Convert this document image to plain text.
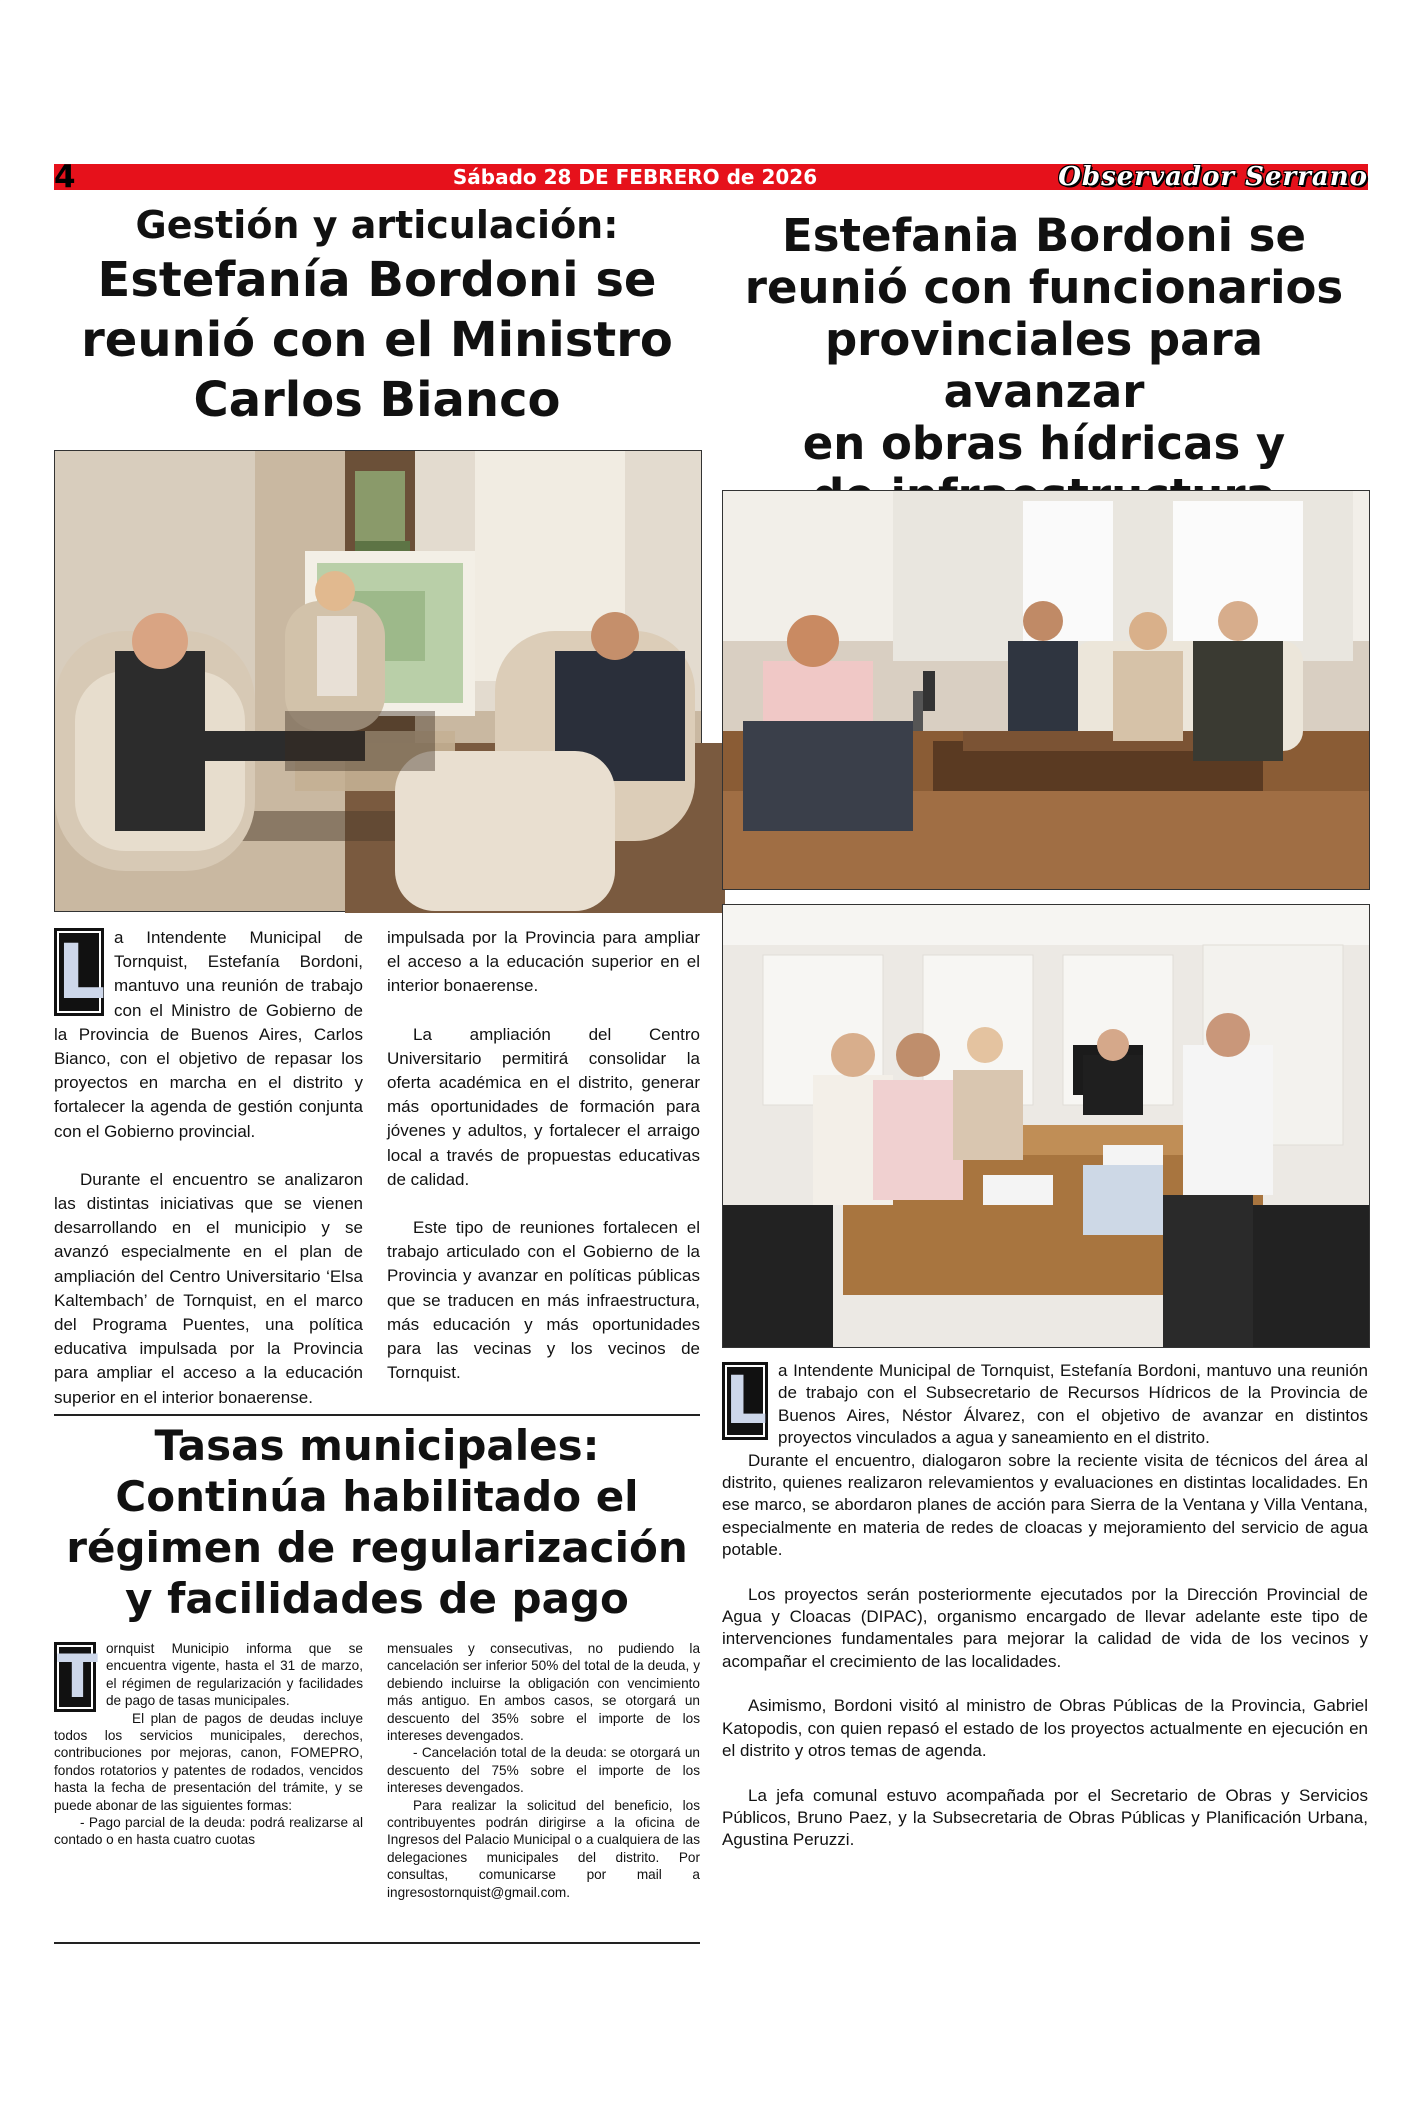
4	Sábado 28 DE FEBRERO de 2026	Observador Serrano
Gestión y articulación:
Estefanía Bordoni se
reunió con el Ministro
Carlos Bianco
L a Intendente Municipal de Tornquist, Estefanía Bordoni, mantuvo una reunión de trabajo con el Ministro de Gobierno de la Provincia de Buenos Aires, Carlos Bianco, con el objetivo de repasar los proyectos en marcha en el distrito y fortalecer la agenda de gestión conjunta con el Gobierno provincial.

Durante el encuentro se analizaron las distintas iniciativas que se vienen desarrollando en el municipio y se avanzó especialmente en el plan de ampliación del Centro Universitario ‘Elsa Kaltembach’ de Tornquist, en el marco del Programa Puentes, una política educativa impulsada por la Provincia para ampliar el acceso a la educación superior en el interior bonaerense.

impulsada por la Provincia para ampliar el acceso a la educación superior en el interior bonaerense.

La ampliación del Centro Universitario permitirá consolidar la oferta académica en el distrito, generar más oportunidades de formación para jóvenes y adultos, y fortalecer el arraigo local a través de propuestas educativas de calidad.

Este tipo de reuniones fortalecen el trabajo articulado con el Gobierno de la Provincia y avanzar en políticas públicas que se traducen en más infraestructura, más educación y más oportunidades para las vecinas y los vecinos de Tornquist.

Estefania Bordoni se
reunió con funcionarios
provinciales para avanzar
en obras hídricas y
L a Intendente Municipal de Tornquist, Estefanía Bordoni, mantuvo una reunión de trabajo con el Subsecretario de Recursos Hídricos de la Provincia de Buenos Aires, Néstor Álvarez, con el objetivo de avanzar en distintos proyectos vinculados a agua y saneamiento en el distrito.

Durante el encuentro, dialogaron sobre la reciente visita de técnicos del área al distrito, quienes realizaron relevamientos y evaluaciones en distintas localidades. En ese marco, se abordaron planes de acción para Sierra de la Ventana y Villa Ventana, especialmente en materia de redes de cloacas y mejoramiento del servicio de agua potable.

Los proyectos serán posteriormente ejecutados por la Dirección Provincial de Agua y Cloacas (DIPAC), organismo encargado de llevar adelante este tipo de intervenciones fundamentales para mejorar la calidad de vida de los vecinos y acompañar el crecimiento de las localidades.

Asimismo, Bordoni visitó al ministro de Obras Públicas de la Provincia, Gabriel Katopodis, con quien repasó el estado de los proyectos actualmente en ejecución en el distrito y otros temas de agenda.

La jefa comunal estuvo acompañada por el Secretario de Obras y Servicios Públicos, Bruno Paez, y la Subsecretaria de Obras Públicas y Planificación Urbana, Agustina Peruzzi.

Tasas municipales:
Continúa habilitado el
régimen de regularización
y facilidades de pago
T ornquist Municipio informa que se encuentra vigente, hasta el 31 de marzo, el régimen de regularización y facilidades de pago de tasas municipales.

El plan de pagos de deudas incluye todos los servicios municipales, derechos, contribuciones por mejoras, canon, FOMEPRO, fondos rotatorios y patentes de rodados, vencidos hasta la fecha de presentación del trámite, y se puede abonar de las siguientes formas:

- Pago parcial de la deuda: podrá realizarse al contado o en hasta cuatro cuotas

mensuales y consecutivas, no pudiendo la cancelación ser inferior 50% del total de la deuda, y debiendo incluirse la obligación con vencimiento más antiguo. En ambos casos, se otorgará un descuento del 35% sobre el importe de los intereses devengados.

- Cancelación total de la deuda: se otorgará un descuento del 75% sobre el importe de los intereses devengados.

Para realizar la solicitud del beneficio, los contribuyentes podrán dirigirse a la oficina de Ingresos del Palacio Municipal o a cualquiera de las delegaciones municipales del distrito. Por consultas, comunicarse por mail a ingresostornquist@gmail.com.
